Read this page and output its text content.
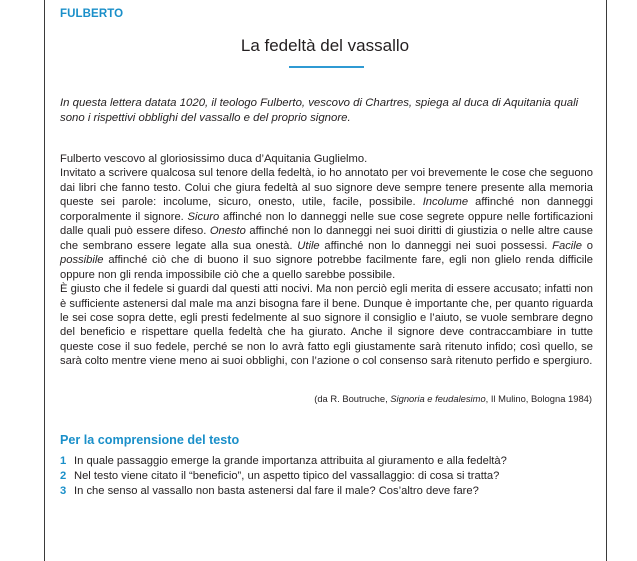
FULBERTO
La fedeltà del vassallo
In questa lettera datata 1020, il teologo Fulberto, vescovo di Chartres, spiega al duca di Aquitania quali sono i rispettivi obblighi del vassallo e del proprio signore.

Fulberto vescovo al gloriosissimo duca d’Aquitania Guglielmo.

Invitato a scrivere qualcosa sul tenore della fedeltà, io ho annotato per voi brevemente le cose che seguono dai libri che fanno testo. Colui che giura fedeltà al suo signore deve sempre tenere presente alla memoria queste sei parole: incolume, sicuro, onesto, utile, facile, possibile. Incolume affinché non danneggi corporalmente il signore. Sicuro affinché non lo danneggi nelle sue cose segrete oppure nelle fortificazioni dalle quali può essere difeso. Onesto affinché non lo danneggi nei suoi diritti di giustizia o nelle altre cause che sembrano essere legate alla sua onestà. Utile affinché non lo danneggi nei suoi possessi. Facile o possibile affinché ciò che di buono il suo signore potrebbe facilmente fare, egli non glielo renda difficile oppure non gli renda impossibile ciò che a quello sarebbe possibile.

È giusto che il fedele si guardi dal questi atti nocivi. Ma non perciò egli merita di essere accusato; infatti non è sufficiente astenersi dal male ma anzi bisogna fare il bene. Dunque è importante che, per quanto riguarda le sei cose sopra dette, egli presti fedelmente al suo signore il consiglio e l’aiuto, se vuole sembrare degno del beneficio e rispettare quella fedeltà che ha giurato. Anche il signore deve contraccambiare in tutte queste cose il suo fedele, perché se non lo avrà fatto egli giustamente sarà ritenuto infido; così quello, se sarà colto mentre viene meno ai suoi obblighi, con l’azione o col consenso sarà ritenuto perfido e spergiuro.

(da R. Boutruche, Signoria e feudalesimo, Il Mulino, Bologna 1984)
Per la comprensione del testo
1 In quale passaggio emerge la grande importanza attribuita al giuramento e alla fedeltà?
2 Nel testo viene citato il “beneficio”, un aspetto tipico del vassallaggio: di cosa si tratta?
3 In che senso al vassallo non basta astenersi dal fare il male? Cos’altro deve fare?
